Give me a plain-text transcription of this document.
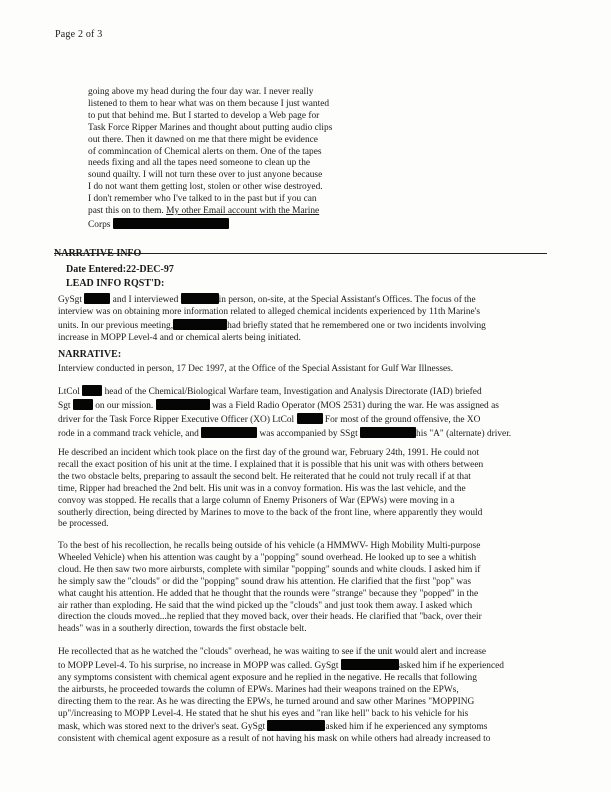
Page 2 of 3
going above my head during the four day war. I never really
listened to them to hear what was on them because I just wanted
to put that behind me. But I started to develop a Web page for
Task Force Ripper Marines and thought about putting audio clips
out there. Then it dawned on me that there might be evidence
of commincation of Chemical alerts on them. One of the tapes
needs fixing and all the tapes need someone to clean up the
sound quailty. I will not turn these over to just anyone because
I do not want them getting lost, stolen or other wise destroyed.
I don't remember who I've talked to in the past but if you can
past this on to them. My other Email account with the Marine
Corps
NARRATIVE INFO
Date Entered:22-DEC-97
LEAD INFO RQST'D:
GySgt	and I interviewed	in person, on-site, at the Special Assistant's Offices. The focus of the
interview was on obtaining more information related to alleged chemical incidents experienced by 11th Marine's
units. In our previous meeting,	had briefly stated that he remembered one or two incidents involving
increase in MOPP Level-4 and or chemical alerts being initiated.
NARRATIVE:
Interview conducted in person, 17 Dec 1997, at the Office of the Special Assistant for Gulf War Illnesses.
LtCol	head of the Chemical/Biological Warfare team, Investigation and Analysis Directorate (IAD) briefed
Sgt	on our mission.	was a Field Radio Operator (MOS 2531) during the war. He was assigned as
driver for the Task Force Ripper Executive Officer (XO) LtCol	For most of the ground offensive, the XO
rode in a command track vehicle, and	was accompanied by SSgt	his "A" (alternate) driver.
He described an incident which took place on the first day of the ground war, February 24th, 1991. He could not
recall the exact position of his unit at the time. I explained that it is possible that his unit was with others between
the two obstacle belts, preparing to assault the second belt. He reiterated that he could not truly recall if at that
time, Ripper had breached the 2nd belt. His unit was in a convoy formation. His was the last vehicle, and the
convoy was stopped. He recalls that a large column of Enemy Prisoners of War (EPWs) were moving in a
southerly direction, being directed by Marines to move to the back of the front line, where apparently they would
be processed.
To the best of his recollection, he recalls being outside of his vehicle (a HMMWV- High Mobility Multi-purpose
Wheeled Vehicle) when his attention was caught by a "popping" sound overhead. He looked up to see a whitish
cloud. He then saw two more airbursts, complete with similar "popping" sounds and white clouds. I asked him if
he simply saw the "clouds" or did the "popping" sound draw his attention. He clarified that the first "pop" was
what caught his attention. He added that he thought that the rounds were "strange" because they "popped" in the
air rather than exploding. He said that the wind picked up the "clouds" and just took them away. I asked which
direction the clouds moved...he replied that they moved back, over their heads. He clarified that "back, over their
heads" was in a southerly direction, towards the first obstacle belt.
He recollected that as he watched the "clouds" overhead, he was waiting to see if the unit would alert and increase
to MOPP Level-4. To his surprise, no increase in MOPP was called. GySgt	asked him if he experienced
any symptoms consistent with chemical agent exposure and he replied in the negative. He recalls that following
the airbursts, he proceeded towards the column of EPWs. Marines had their weapons trained on the EPWs,
directing them to the rear. As he was directing the EPWs, he turned around and saw other Marines "MOPPING
up"/increasing to MOPP Level-4. He stated that he shut his eyes and "ran like hell" back to his vehicle for his
mask, which was stored next to the driver's seat. GySgt	asked him if he experienced any symptoms
consistent with chemical agent exposure as a result of not having his mask on while others had already increased to
